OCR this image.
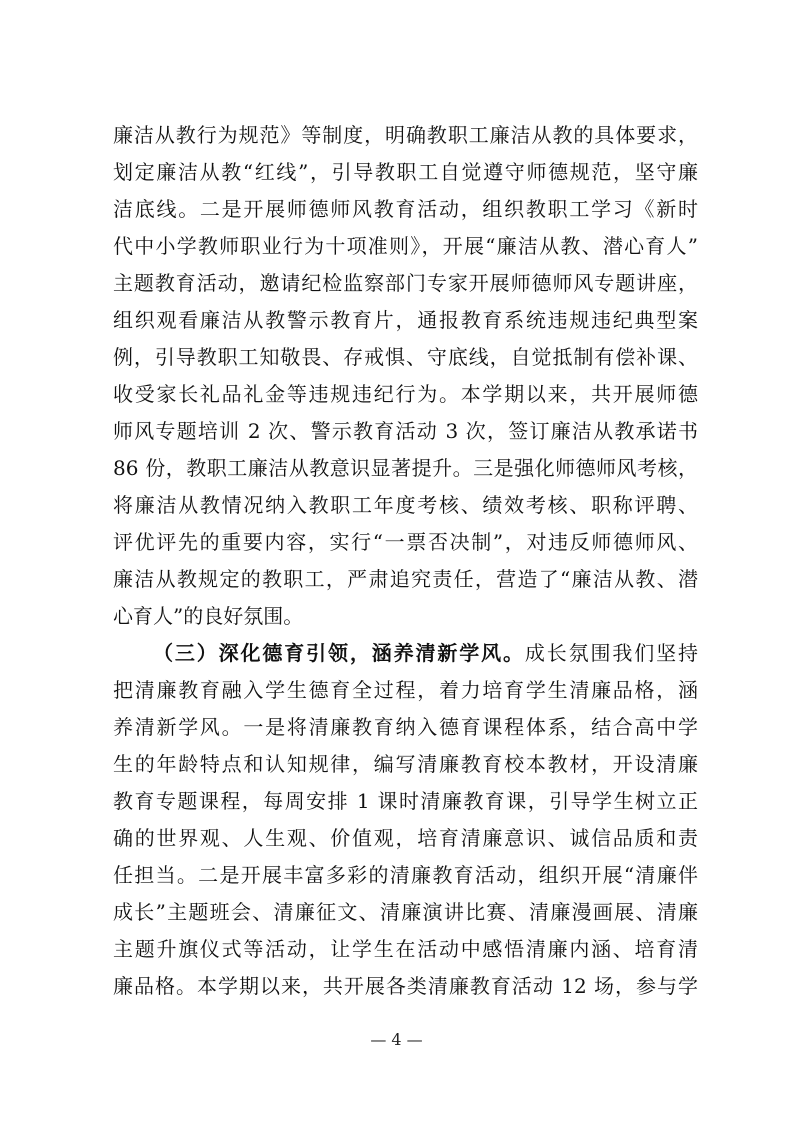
廉洁从教行为规范》等制度，明确教职工廉洁从教的具体要求，
划定廉洁从教“红线”，引导教职工自觉遵守师德规范，坚守廉
洁底线。二是开展师德师风教育活动，组织教职工学习《新时
代中小学教师职业行为十项准则》，开展“廉洁从教、潜心育人”
主题教育活动，邀请纪检监察部门专家开展师德师风专题讲座，
组织观看廉洁从教警示教育片，通报教育系统违规违纪典型案
例，引导教职工知敬畏、存戒惧、守底线，自觉抵制有偿补课、
收受家长礼品礼金等违规违纪行为。本学期以来，共开展师德
师风专题培训 2 次、警示教育活动 3 次，签订廉洁从教承诺书
86 份，教职工廉洁从教意识显著提升。三是强化师德师风考核，
将廉洁从教情况纳入教职工年度考核、绩效考核、职称评聘、
评优评先的重要内容，实行“一票否决制”，对违反师德师风、
廉洁从教规定的教职工，严肃追究责任，营造了“廉洁从教、潜
心育人”的良好氛围。
（三）深化德育引领，涵养清新学风。成长氛围我们坚持
把清廉教育融入学生德育全过程，着力培育学生清廉品格，涵
养清新学风。一是将清廉教育纳入德育课程体系，结合高中学
生的年龄特点和认知规律，编写清廉教育校本教材，开设清廉
教育专题课程，每周安排 1 课时清廉教育课，引导学生树立正
确的世界观、人生观、价值观，培育清廉意识、诚信品质和责
任担当。二是开展丰富多彩的清廉教育活动，组织开展“清廉伴
成长”主题班会、清廉征文、清廉演讲比赛、清廉漫画展、清廉
主题升旗仪式等活动，让学生在活动中感悟清廉内涵、培育清
廉品格。本学期以来，共开展各类清廉教育活动 12 场，参与学
— 4 —
